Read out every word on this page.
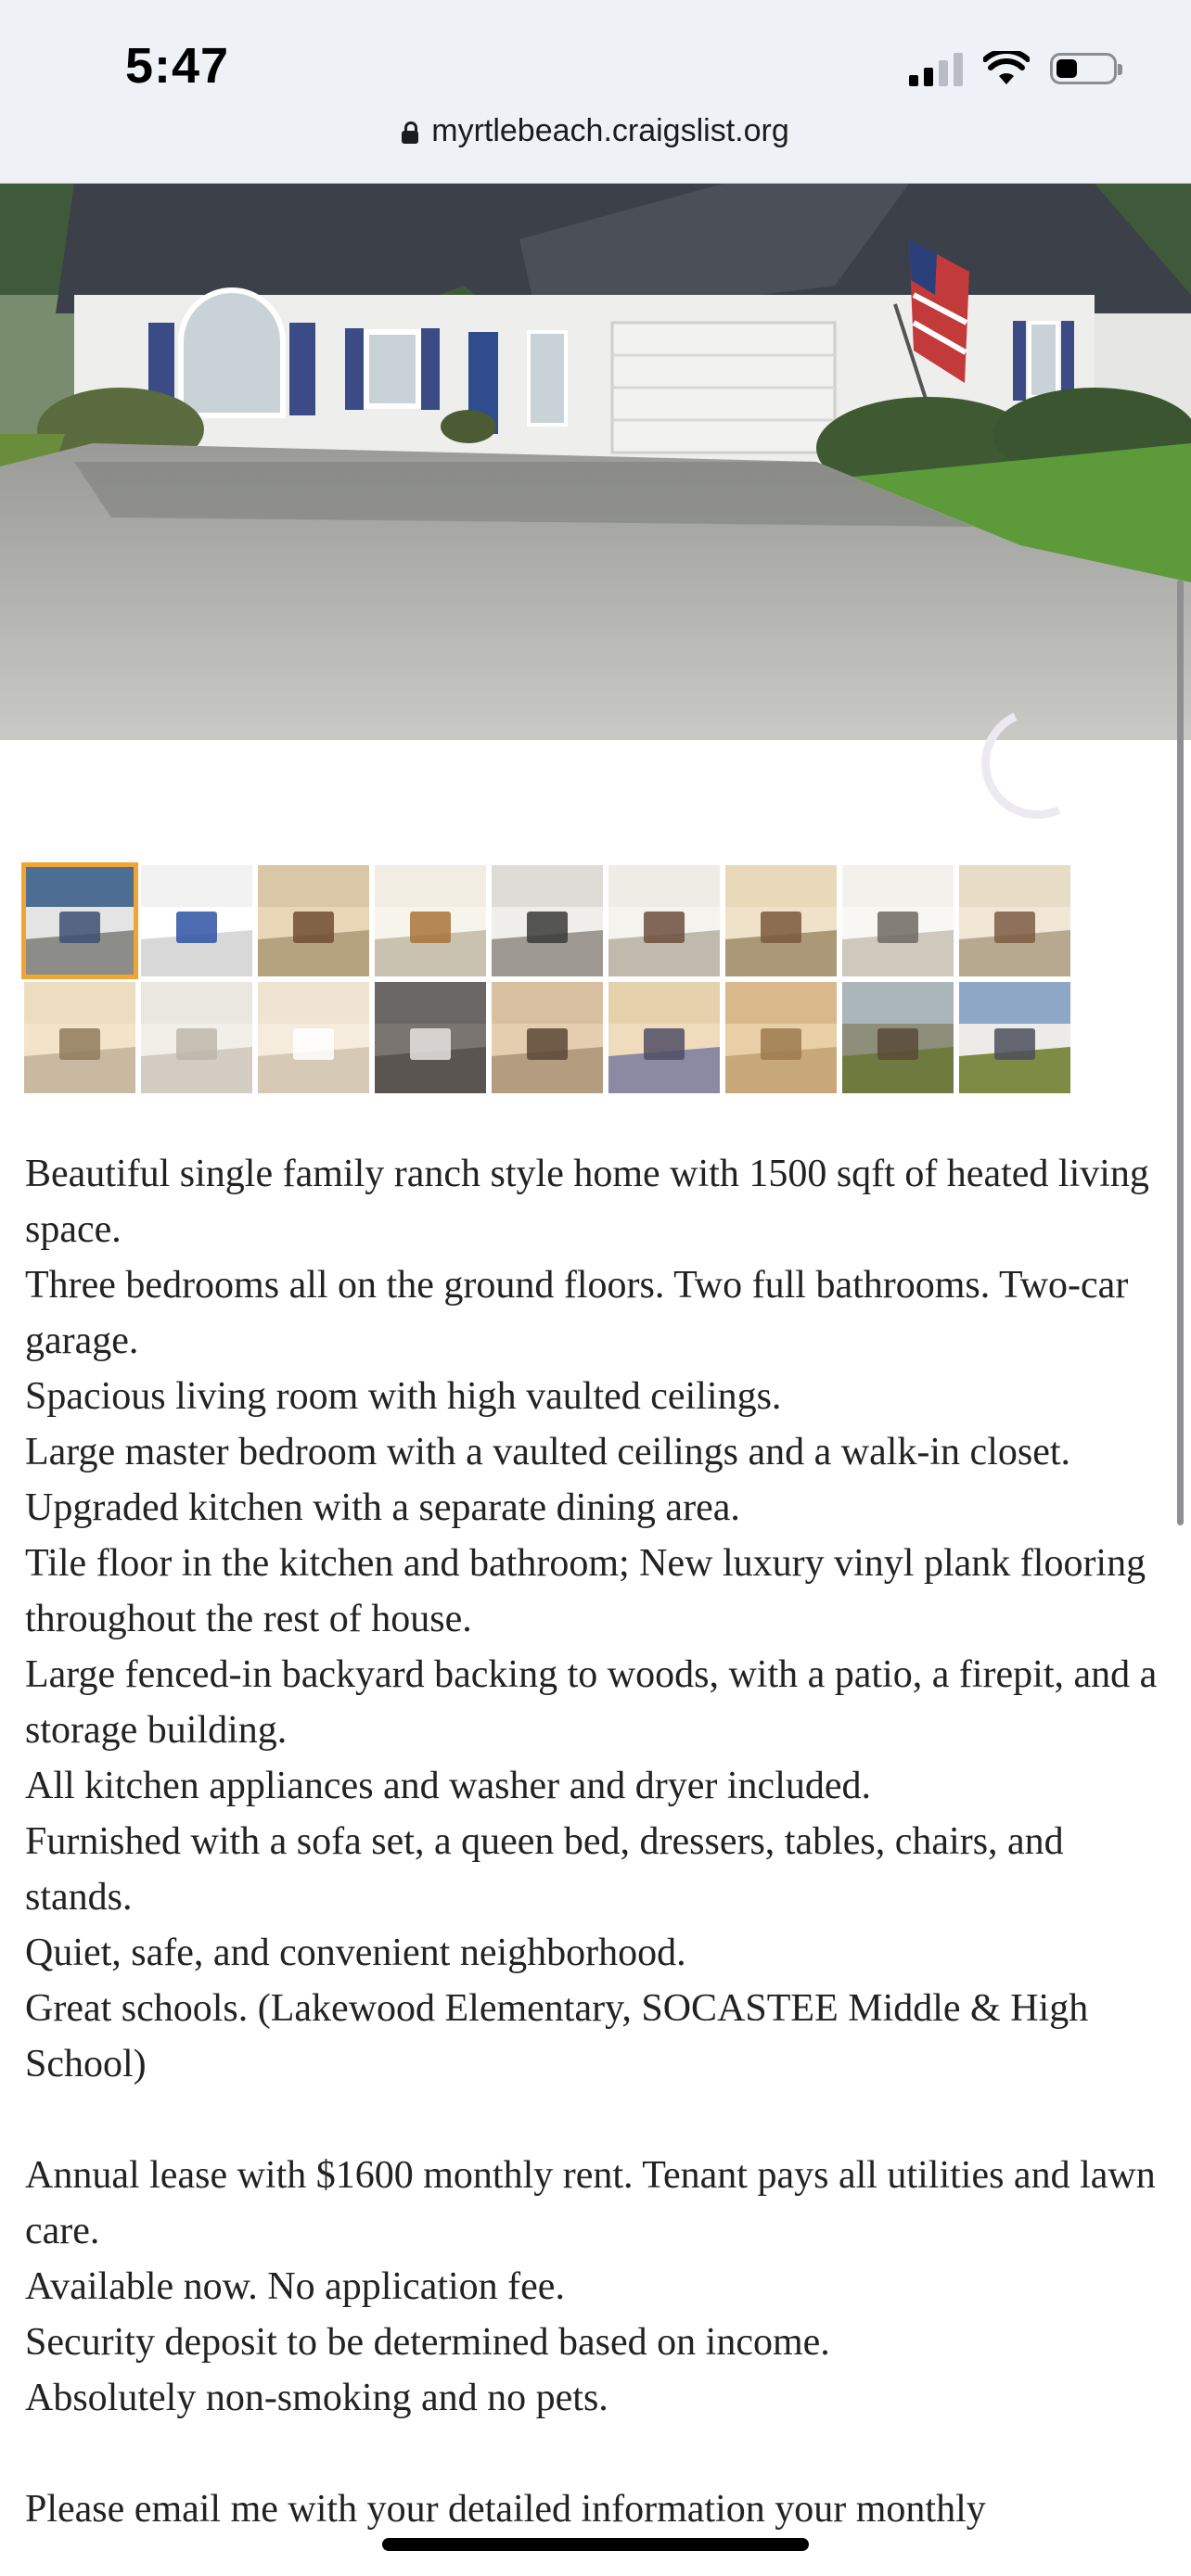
5:47
myrtlebeach.craigslist.org

Beautiful single family ranch style home with 1500 sqft of heated living space.

Three bedrooms all on the ground floors. Two full bathrooms. Two-car garage.

Spacious living room with high vaulted ceilings.

Large master bedroom with a vaulted ceilings and a walk-in closet.

Upgraded kitchen with a separate dining area.

Tile floor in the kitchen and bathroom; New luxury vinyl plank flooring throughout the rest of house.

Large fenced-in backyard backing to woods, with a patio, a firepit, and a storage building.

All kitchen appliances and washer and dryer included.

Furnished with a sofa set, a queen bed, dressers, tables, chairs, and stands.

Quiet, safe, and convenient neighborhood.

Great schools. (Lakewood Elementary, SOCASTEE Middle & High School)

Annual lease with $1600 monthly rent. Tenant pays all utilities and lawn care.

Available now. No application fee.

Security deposit to be determined based on income.

Absolutely non-smoking and no pets.

Please email me with your detailed information your monthly
